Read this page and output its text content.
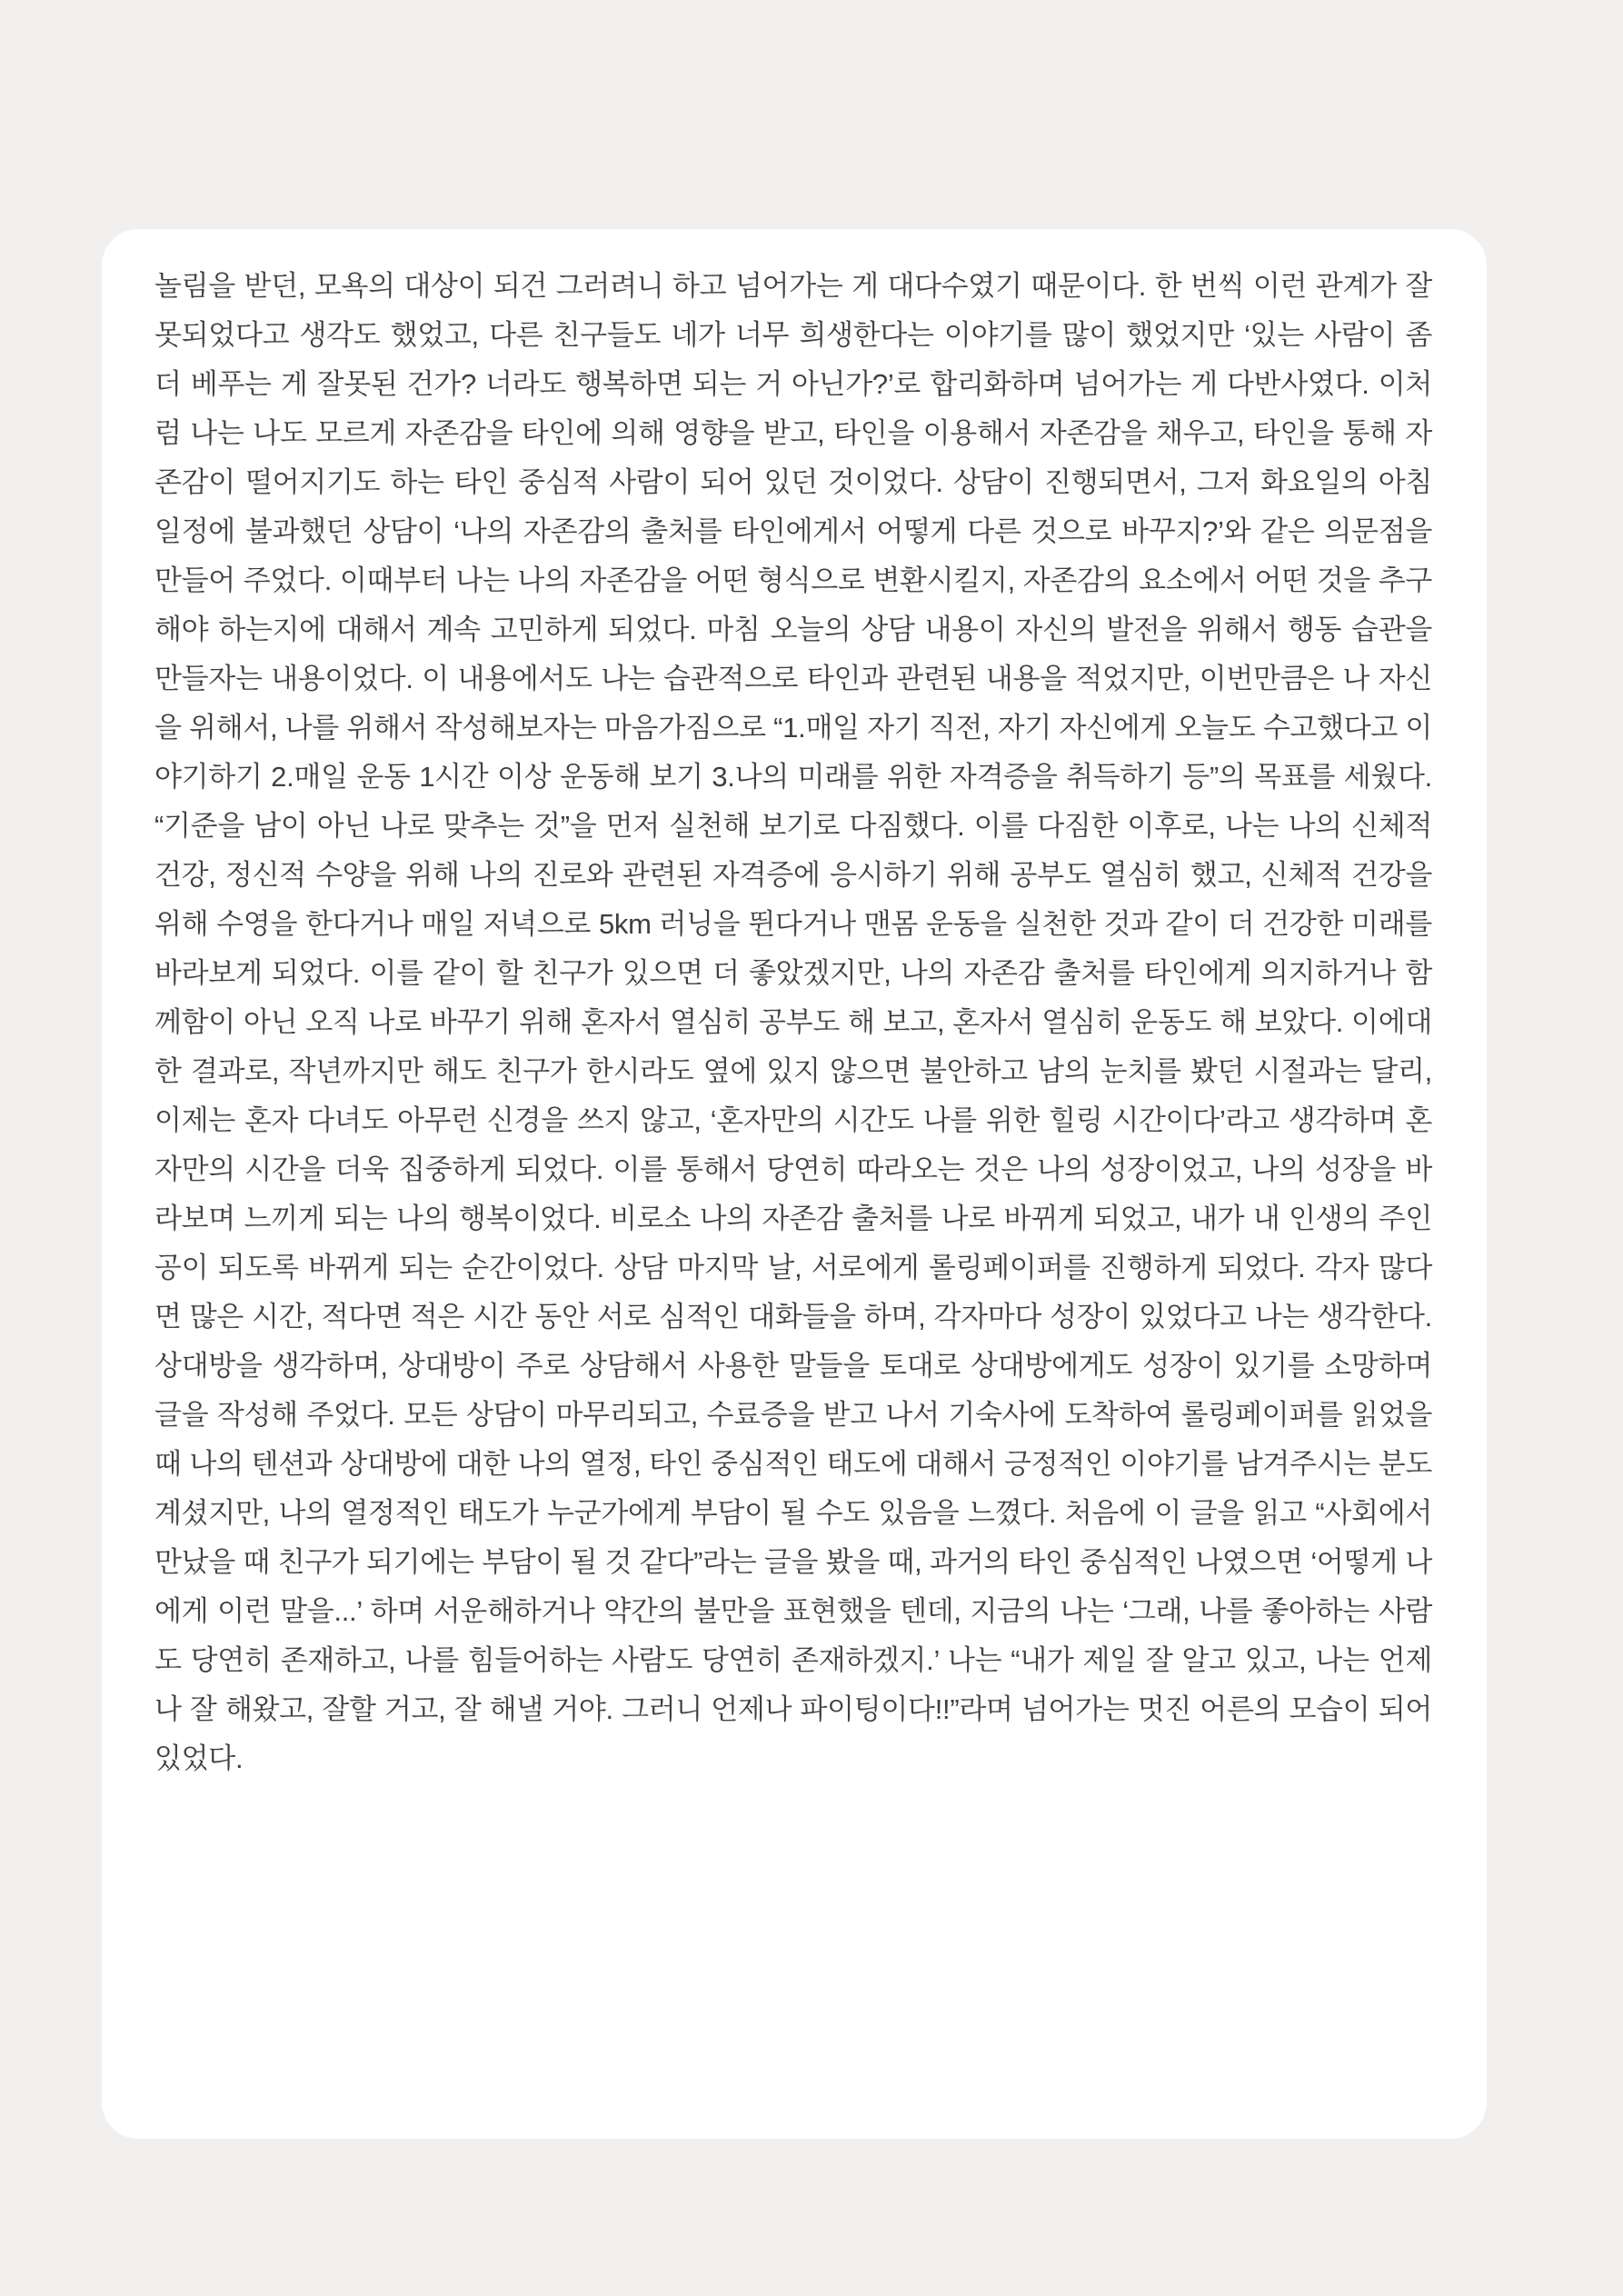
놀림을 받던, 모욕의 대상이 되건 그러려니 하고 넘어가는 게 대다수였기 때문이다. 한 번씩 이런 관계가 잘못되었다고 생각도 했었고, 다른 친구들도 네가 너무 희생한다는 이야기를 많이 했었지만 ‘있는 사람이 좀 더 베푸는 게 잘못된 건가? 너라도 행복하면 되는 거 아닌가?’로 합리화하며 넘어가는 게 다반사였다. 이처럼 나는 나도 모르게 자존감을 타인에 의해 영향을 받고, 타인을 이용해서 자존감을 채우고, 타인을 통해 자존감이 떨어지기도 하는 타인 중심적 사람이 되어 있던 것이었다. 상담이 진행되면서, 그저 화요일의 아침 일정에 불과했던 상담이 ‘나의 자존감의 출처를 타인에게서 어떻게 다른 것으로 바꾸지?’와 같은 의문점을 만들어 주었다. 이때부터 나는 나의 자존감을 어떤 형식으로 변환시킬지, 자존감의 요소에서 어떤 것을 추구해야 하는지에 대해서 계속 고민하게 되었다. 마침 오늘의 상담 내용이 자신의 발전을 위해서 행동 습관을 만들자는 내용이었다. 이 내용에서도 나는 습관적으로 타인과 관련된 내용을 적었지만, 이번만큼은 나 자신을 위해서, 나를 위해서 작성해보자는 마음가짐으로 “1.매일 자기 직전, 자기 자신에게 오늘도 수고했다고 이야기하기 2.매일 운동 1시간 이상 운동해 보기 3.나의 미래를 위한 자격증을 취득하기 등”의 목표를 세웠다. “기준을 남이 아닌 나로 맞추는 것”을 먼저 실천해 보기로 다짐했다. 이를 다짐한 이후로, 나는 나의 신체적 건강, 정신적 수양을 위해 나의 진로와 관련된 자격증에 응시하기 위해 공부도 열심히 했고, 신체적 건강을 위해 수영을 한다거나 매일 저녁으로 5km 러닝을 뛴다거나 맨몸 운동을 실천한 것과 같이 더 건강한 미래를 바라보게 되었다. 이를 같이 할 친구가 있으면 더 좋았겠지만, 나의 자존감 출처를 타인에게 의지하거나 함께함이 아닌 오직 나로 바꾸기 위해 혼자서 열심히 공부도 해 보고, 혼자서 열심히 운동도 해 보았다. 이에대한 결과로, 작년까지만 해도 친구가 한시라도 옆에 있지 않으면 불안하고 남의 눈치를 봤던 시절과는 달리, 이제는 혼자 다녀도 아무런 신경을 쓰지 않고, ‘혼자만의 시간도 나를 위한 힐링 시간이다’라고 생각하며 혼자만의 시간을 더욱 집중하게 되었다. 이를 통해서 당연히 따라오는 것은 나의 성장이었고, 나의 성장을 바라보며 느끼게 되는 나의 행복이었다. 비로소 나의 자존감 출처를 나로 바뀌게 되었고, 내가 내 인생의 주인공이 되도록 바뀌게 되는 순간이었다. 상담 마지막 날, 서로에게 롤링페이퍼를 진행하게 되었다. 각자 많다면 많은 시간, 적다면 적은 시간 동안 서로 심적인 대화들을 하며, 각자마다 성장이 있었다고 나는 생각한다. 상대방을 생각하며, 상대방이 주로 상담해서 사용한 말들을 토대로 상대방에게도 성장이 있기를 소망하며 글을 작성해 주었다. 모든 상담이 마무리되고, 수료증을 받고 나서 기숙사에 도착하여 롤링페이퍼를 읽었을 때 나의 텐션과 상대방에 대한 나의 열정, 타인 중심적인 태도에 대해서 긍정적인 이야기를 남겨주시는 분도 계셨지만, 나의 열정적인 태도가 누군가에게 부담이 될 수도 있음을 느꼈다. 처음에 이 글을 읽고 “사회에서 만났을 때 친구가 되기에는 부담이 될 것 같다”라는 글을 봤을 때, 과거의 타인 중심적인 나였으면 ‘어떻게 나에게 이런 말을...’ 하며 서운해하거나 약간의 불만을 표현했을 텐데, 지금의 나는 ‘그래, 나를 좋아하는 사람도 당연히 존재하고, 나를 힘들어하는 사람도 당연히 존재하겠지.’ 나는 “내가 제일 잘 알고 있고, 나는 언제나 잘 해왔고, 잘할 거고, 잘 해낼 거야. 그러니 언제나 파이팅이다!!”라며 넘어가는 멋진 어른의 모습이 되어 있었다.
